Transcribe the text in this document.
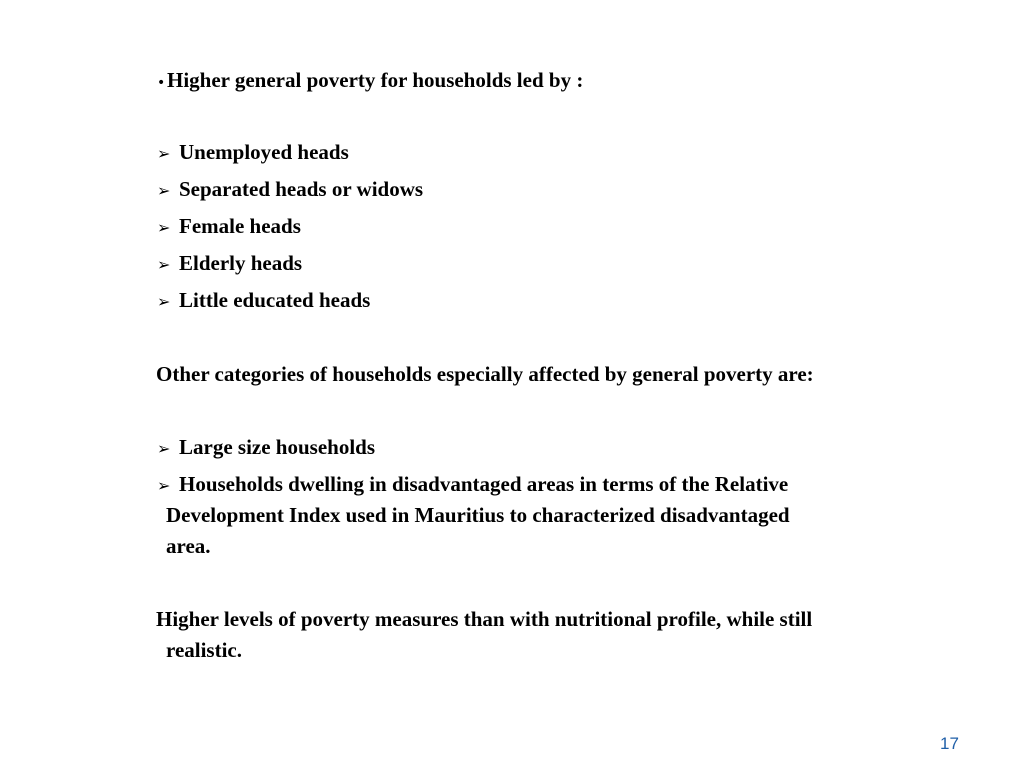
• Higher general poverty for households led by :
➢ Unemployed heads
➢ Separated heads or widows
➢ Female heads
➢ Elderly heads
➢ Little educated heads
Other categories of households especially affected by general poverty are:
➢ Large size households
➢ Households dwelling in disadvantaged areas in terms of the Relative
Development Index used in Mauritius to characterized disadvantaged
area.
Higher levels of poverty measures than with nutritional profile, while still
realistic.
17
